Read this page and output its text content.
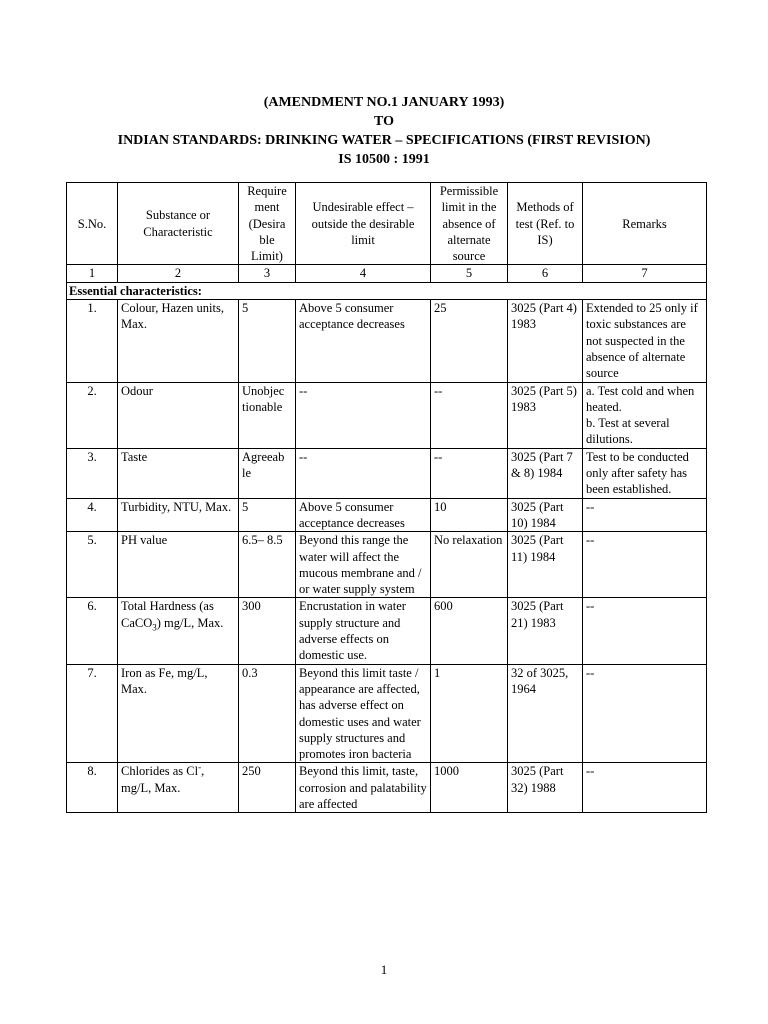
(AMENDMENT NO.1 JANUARY 1993)
TO
INDIAN STANDARDS: DRINKING WATER – SPECIFICATIONS (FIRST REVISION)
IS 10500 : 1991
S.No.	Substance or Characteristic	Require ment (Desira ble Limit)	Undesirable effect – outside the desirable limit	Permissible limit in the absence of alternate source	Methods of test (Ref. to IS)	Remarks
1	2	3	4	5	6	7
Essential characteristics:						
1.	Colour, Hazen units, Max.	5	Above 5 consumer acceptance decreases	25	3025 (Part 4) 1983	Extended to 25 only if toxic substances are not suspected in the absence of alternate source
2.	Odour	Unobjec tionable	--	--	3025 (Part 5) 1983	a. Test cold and when heated.
b. Test at several dilutions.

3.	Taste	Agreeab le	--	--	3025 (Part 7 & 8) 1984	Test to be conducted only after safety has been established.
4.	Turbidity, NTU, Max.	5	Above 5 consumer acceptance decreases	10	3025 (Part 10) 1984	--
5.	PH value	6.5– 8.5	Beyond this range the water will affect the mucous membrane and / or water supply system	No relaxation	3025 (Part 11) 1984	--
6.	Total Hardness (as CaCO$_3$) mg/L, Max.	300	Encrustation in water supply structure and adverse effects on domestic use.	600	3025 (Part 21) 1983	--
7.	Iron as Fe, mg/L, Max.	0.3	Beyond this limit taste / appearance are affected, has adverse effect on domestic uses and water supply structures and promotes iron bacteria	1	32 of 3025, 1964	--
8.	Chlorides as Cl-, mg/L, Max.	250	Beyond this limit, taste, corrosion and palatability are affected	1000	3025 (Part 32) 1988	--
1
